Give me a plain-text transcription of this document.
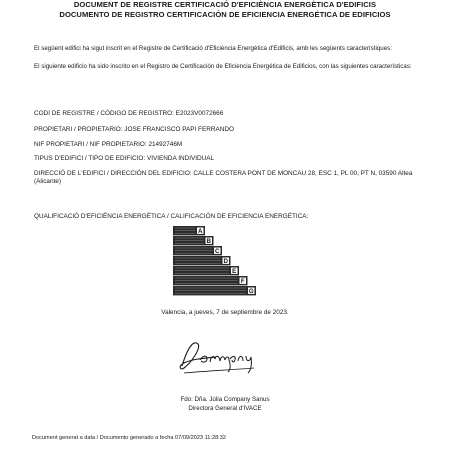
DOCUMENT DE REGISTRE CERTIFICACIÓ D'EFICIÈNCIA ENERGÈTICA D'EDIFICIS
DOCUMENTO DE REGISTRO CERTIFICACIÓN DE EFICIENCIA ENERGÉTICA DE EDIFICIOS
El següent edifici ha sigut inscrit en el Registre de Certificació d'Eficiència Energètica d'Edificis, amb les següents característiques:
El siguiente edificio ha sido inscrito en el Registro de Certificación de Eficiencia Energética de Edificios, con las siguientes características:
CODI DE REGISTRE / CÓDIGO DE REGISTRO: E2023V0072666
PROPIETARI / PROPIETARIO: JOSE FRANCISCO PAPI FERRANDO
NIF PROPIETARI / NIF PROPIETARIO: 21492746M
TIPUS D'EDIFICI / TIPO DE EDIFICIO: VIVIENDA INDIVIDUAL
DIRECCIÓ DE L'EDIFICI / DIRECCIÓN DEL EDIFICIO: CALLE COSTERA PONT DE MONCAU 28, ESC 1, PL 00, PT N, 03590 Altea (Alicante)
QUALIFICACIÓ D'EFICIÈNCIA ENERGÈTICA / CALIFICACIÓN DE EFICIENCIA ENERGÉTICA:
A
B
C
D
E
F
G
Valencia, a jueves, 7 de septiembre de 2023.
Fdo: Dña. Júlia Company Sanus
Directora General d'IVACE
Document generat a data / Documento generado a fecha 07/09/2023 11:28:32
